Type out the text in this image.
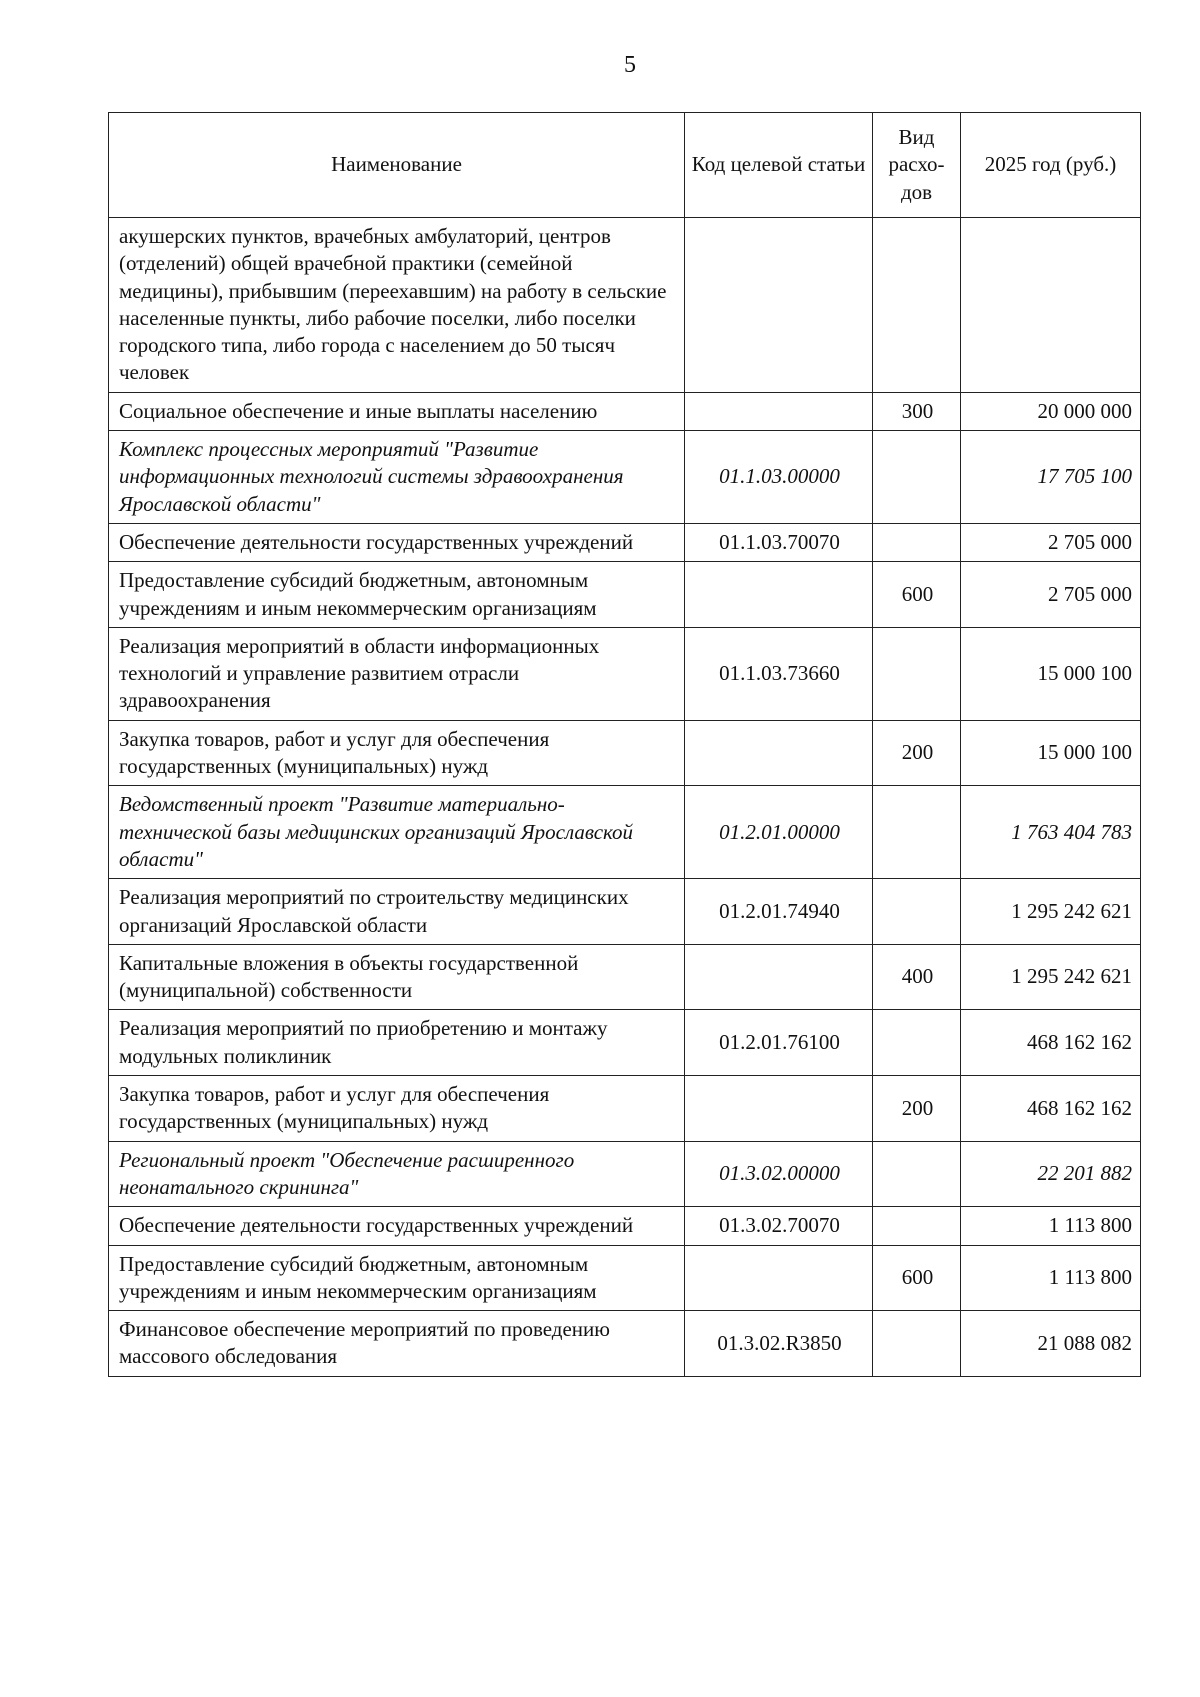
5
Наименование	Код целевой статьи	Вид расхо-дов	2025 год (руб.)
акушерских пунктов, врачебных амбулаторий, центров (отделений) общей врачебной практики (семейной медицины), прибывшим (переехавшим) на работу в сельские населенные пункты, либо рабочие поселки, либо поселки городского типа, либо города с населением до 50 тысяч человек			
Социальное обеспечение и иные выплаты населению		300	20 000 000
Комплекс процессных мероприятий "Развитие информационных технологий системы здравоохранения Ярославской области"	01.1.03.00000		17 705 100
Обеспечение деятельности государственных учреждений	01.1.03.70070		2 705 000
Предоставление субсидий бюджетным, автономным учреждениям и иным некоммерческим организациям		600	2 705 000
Реализация мероприятий в области информационных технологий и управление развитием отрасли здравоохранения	01.1.03.73660		15 000 100
Закупка товаров, работ и услуг для обеспечения государственных (муниципальных) нужд		200	15 000 100
Ведомственный проект "Развитие материально-технической базы медицинских организаций Ярославской области"	01.2.01.00000		1 763 404 783
Реализация мероприятий по строительству медицинских организаций Ярославской области	01.2.01.74940		1 295 242 621
Капитальные вложения в объекты государственной (муниципальной) собственности		400	1 295 242 621
Реализация мероприятий по приобретению и монтажу модульных поликлиник	01.2.01.76100		468 162 162
Закупка товаров, работ и услуг для обеспечения государственных (муниципальных) нужд		200	468 162 162
Региональный проект "Обеспечение расширенного неонатального скрининга"	01.3.02.00000		22 201 882
Обеспечение деятельности государственных учреждений	01.3.02.70070		1 113 800
Предоставление субсидий бюджетным, автономным учреждениям и иным некоммерческим организациям		600	1 113 800
Финансовое обеспечение мероприятий по проведению массового обследования	01.3.02.R3850		21 088 082
